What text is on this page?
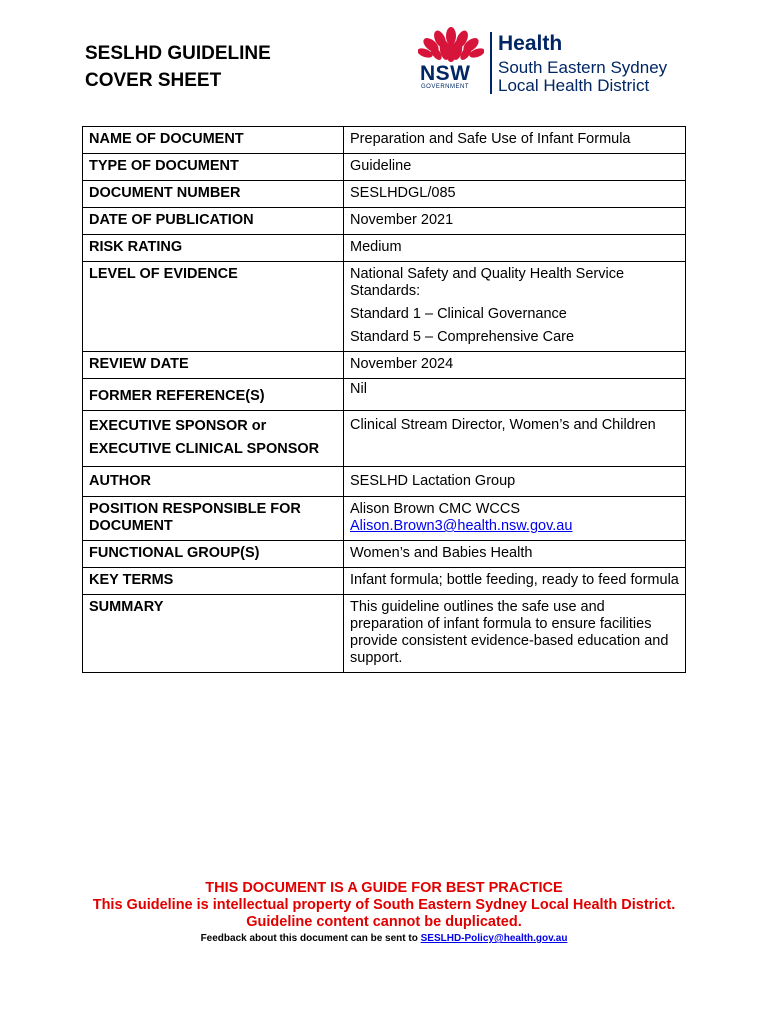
SESLHD GUIDELINE
COVER SHEET	NSW
GOVERNMENT
Health
South Eastern Sydney
Local Health District
NAME OF DOCUMENT	Preparation and Safe Use of Infant Formula
TYPE OF DOCUMENT	Guideline
DOCUMENT NUMBER	SESLHDGL/085
DATE OF PUBLICATION	November 2021
RISK RATING	Medium
LEVEL OF EVIDENCE	National Safety and Quality Health Service Standards:
Standard 1 – Clinical Governance
Standard 5 – Comprehensive Care

REVIEW DATE	November 2024
FORMER REFERENCE(S)	Nil

EXECUTIVE SPONSOR or
EXECUTIVE CLINICAL SPONSOR	Clinical Stream Director, Women’s and Children
AUTHOR	SESLHD Lactation Group
POSITION RESPONSIBLE FOR DOCUMENT	Alison Brown CMC WCCS
Alison.Brown3@health.nsw.gov.au

FUNCTIONAL GROUP(S)	Women’s and Babies Health
KEY TERMS	Infant formula; bottle feeding, ready to feed formula
SUMMARY	This guideline outlines the safe use and preparation of infant formula to ensure facilities provide consistent evidence-based education and support.
THIS DOCUMENT IS A GUIDE FOR BEST PRACTICE
This Guideline is intellectual property of South Eastern Sydney Local Health District.
Guideline content cannot be duplicated.
Feedback about this document can be sent to SESLHD-Policy@health.gov.au
